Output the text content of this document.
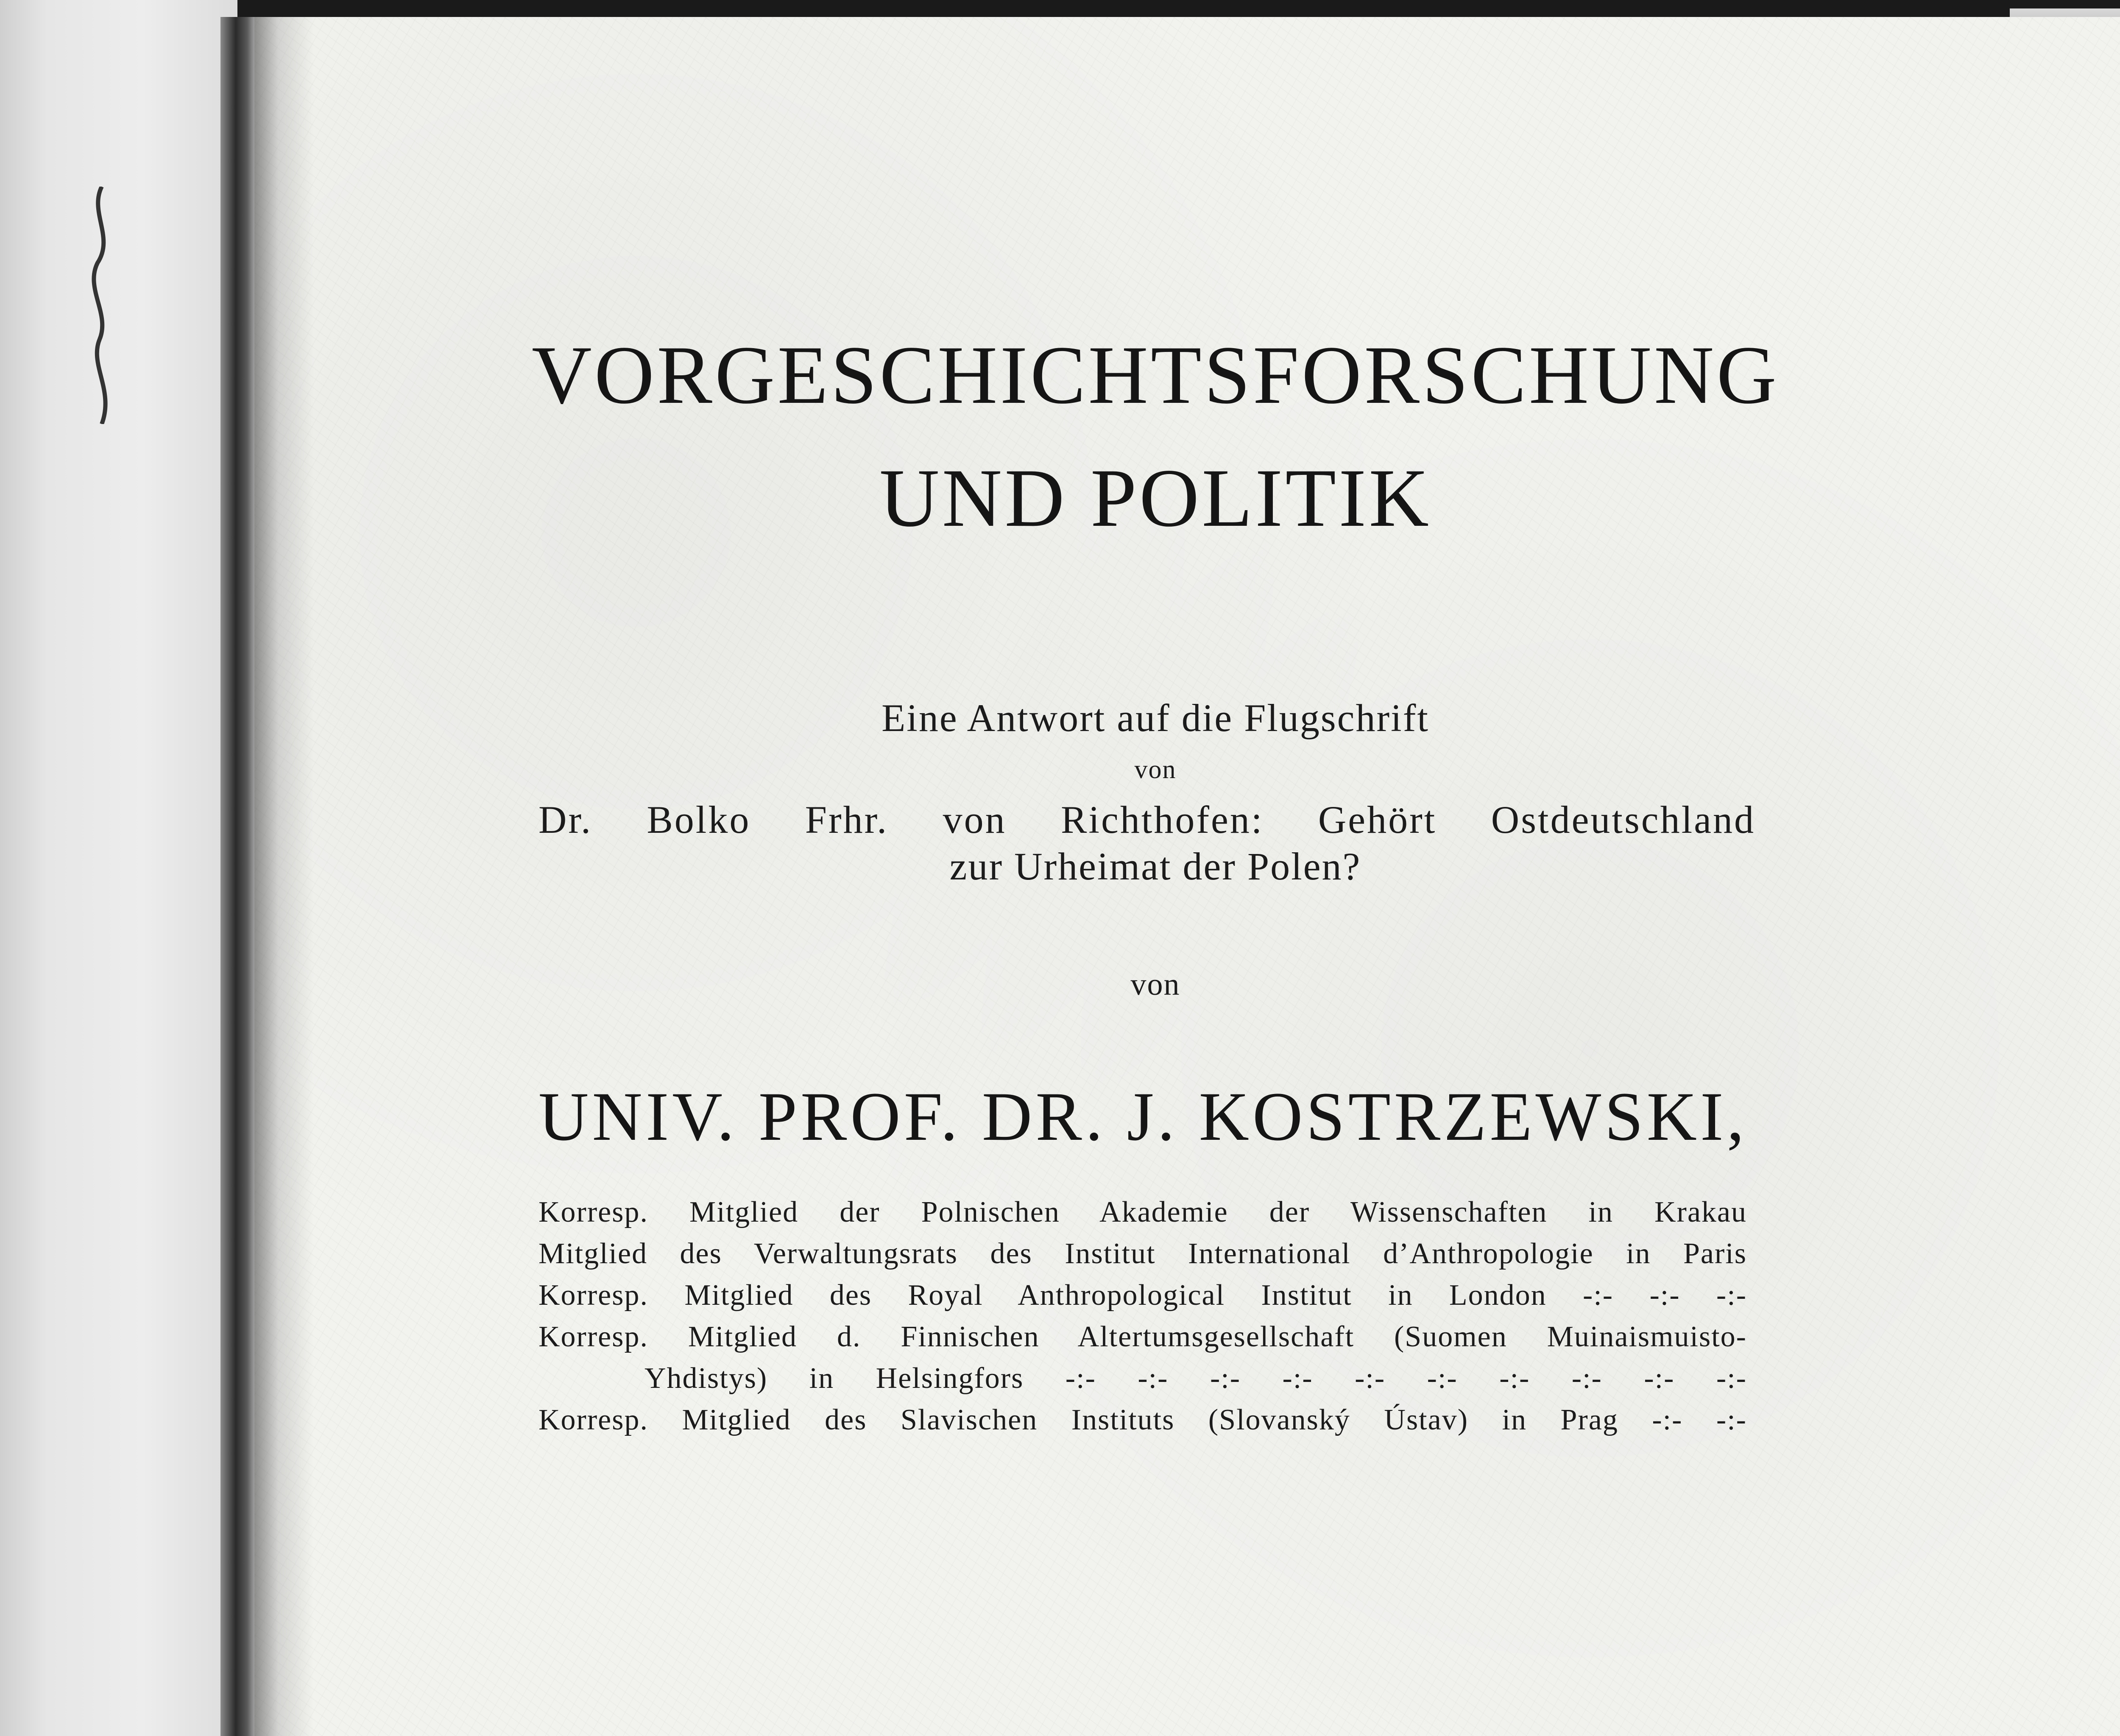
VORGESCHICHTSFORSCHUNG
UND POLITIK
Eine Antwort auf die Flugschrift
von
Dr. Bolko Frhr. von Richthofen: Gehört Ostdeutschland
zur Urheimat der Polen?
von
UNIV. PROF. DR. J. KOSTRZEWSKI,
Korresp. Mitglied der Polnischen Akademie der Wissenschaften in Krakau
Mitglied des Verwaltungsrats des Institut International d’Anthropologie in Paris
Korresp. Mitglied des Royal Anthropological Institut in London -:- -:- -:-
Korresp. Mitglied d. Finnischen Altertumsgesellschaft (Suomen Muinaismuisto-
Yhdistys) in Helsingfors -:- -:- -:- -:- -:- -:- -:- -:- -:- -:-
Korresp. Mitglied des Slavischen Instituts (Slovanský Ústav) in Prag -:- -:-
